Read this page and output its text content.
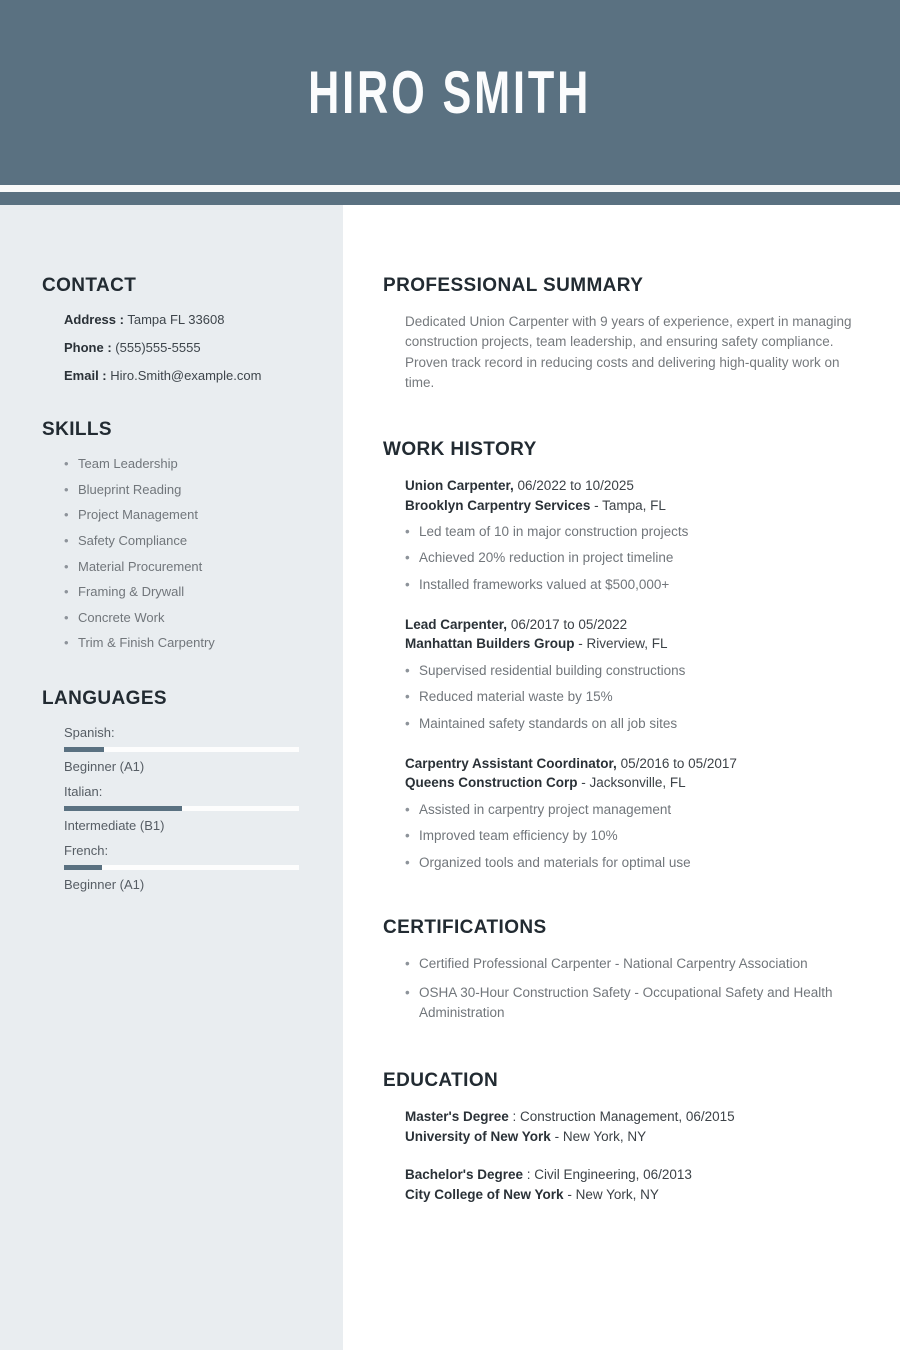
HIRO SMITH
CONTACT
Address : Tampa FL 33608
Phone : (555)555-5555
Email : Hiro.Smith@example.com
SKILLS
• Team Leadership
• Blueprint Reading
• Project Management
• Safety Compliance
• Material Procurement
• Framing & Drywall
• Concrete Work
• Trim & Finish Carpentry
LANGUAGES
Spanish:
Beginner (A1)
Italian:
Intermediate (B1)
French:
Beginner (A1)
PROFESSIONAL SUMMARY

Dedicated Union Carpenter with 9 years of experience, expert in managing construction projects, team leadership, and ensuring safety compliance. Proven track record in reducing costs and delivering high-quality work on time.

WORK HISTORY
Union Carpenter, 06/2022 to 10/2025
Brooklyn Carpentry Services - Tampa, FL
• Led team of 10 in major construction projects
• Achieved 20% reduction in project timeline
• Installed frameworks valued at $500,000+
Lead Carpenter, 06/2017 to 05/2022
Manhattan Builders Group - Riverview, FL
• Supervised residential building constructions
• Reduced material waste by 15%
• Maintained safety standards on all job sites
Carpentry Assistant Coordinator, 05/2016 to 05/2017
Queens Construction Corp - Jacksonville, FL
• Assisted in carpentry project management
• Improved team efficiency by 10%
• Organized tools and materials for optimal use
CERTIFICATIONS
• Certified Professional Carpenter - National Carpentry Association
• OSHA 30-Hour Construction Safety - Occupational Safety and Health Administration
EDUCATION
Master's Degree : Construction Management, 06/2015
University of New York - New York, NY
Bachelor's Degree : Civil Engineering, 06/2013
City College of New York - New York, NY
